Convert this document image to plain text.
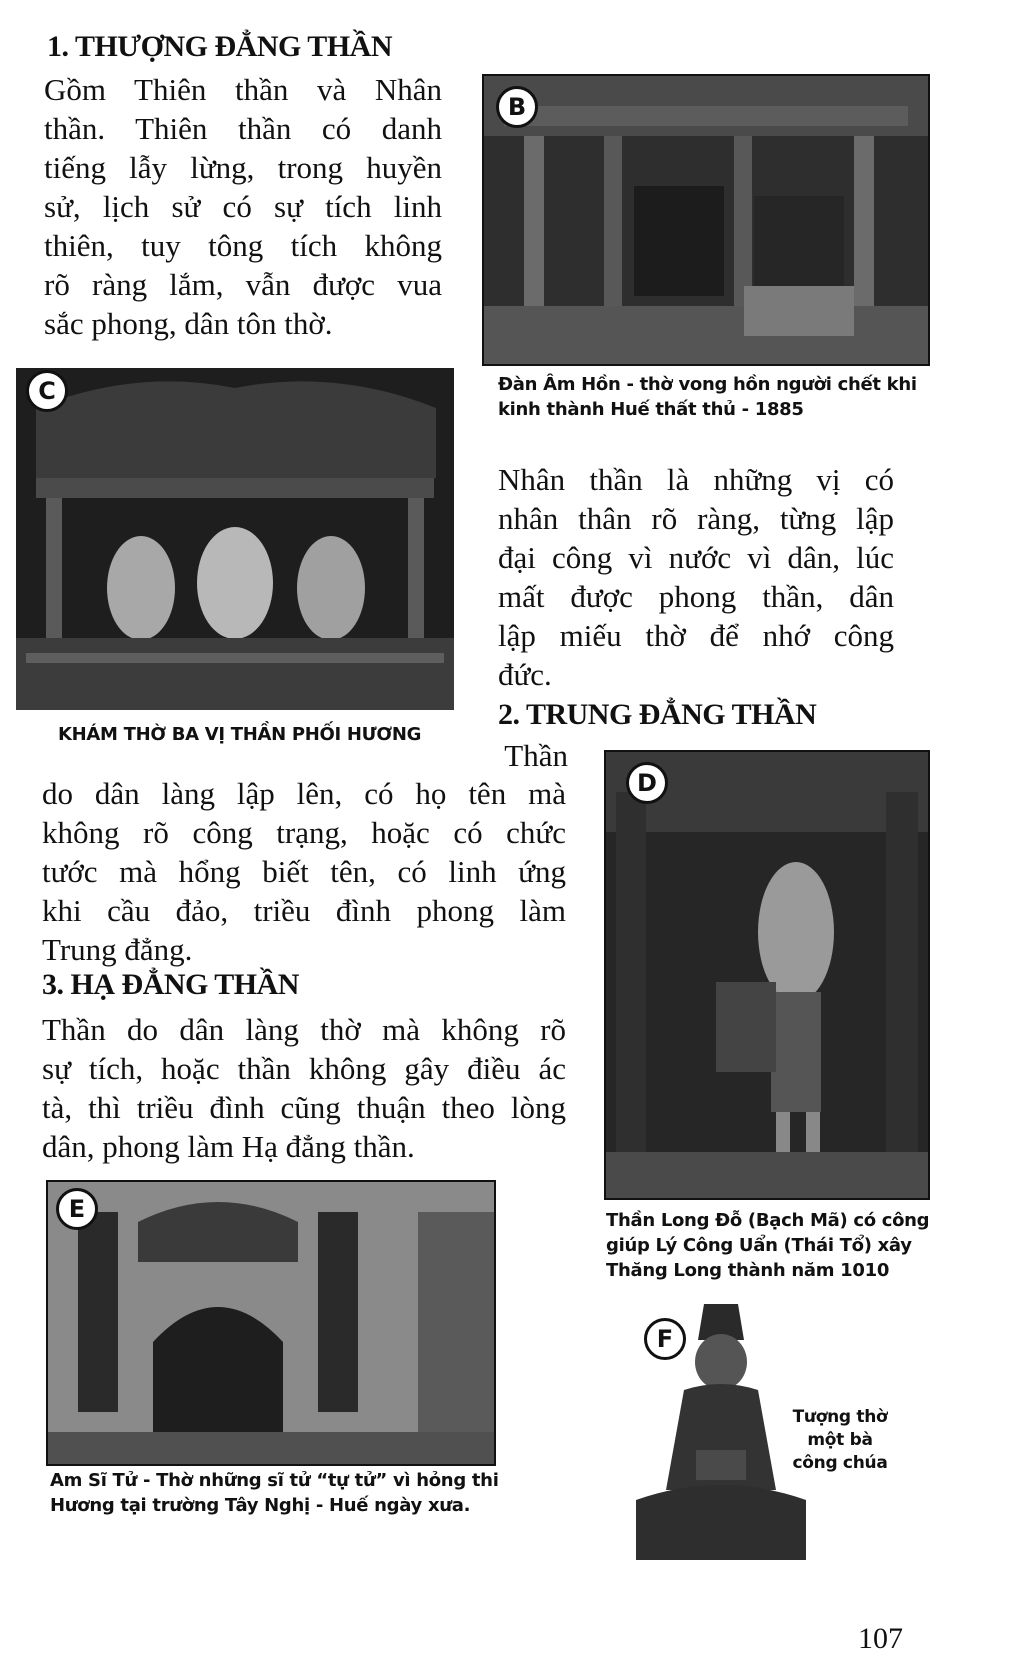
1. THƯỢNG ĐẲNG THẦN
Gồm Thiên thần và Nhân
thần. Thiên thần có danh
tiếng lẫy lừng, trong huyền
sử, lịch sử có sự tích linh
thiên, tuy tông tích không
rõ ràng lắm, vẫn được vua
sắc phong, dân tôn thờ.
B
Đàn Âm Hồn - thờ vong hồn người chết khi
kinh thành Huế thất thủ - 1885
C
KHÁM THỜ BA VỊ THẦN PHỐI HƯƠNG
Nhân thần là những vị có
nhân thân rõ ràng, từng lập
đại công vì nước vì dân, lúc
mất được phong thần, dân
lập miếu thờ để nhớ công
đức.
2. TRUNG ĐẲNG THẦN
Thần
do dân làng lập lên, có họ tên mà
không rõ công trạng, hoặc có chức
tước mà hổng biết tên, có linh ứng
khi cầu đảo, triều đình phong làm
Trung đẳng.
3. HẠ ĐẲNG THẦN
Thần do dân làng thờ mà không rõ
sự tích, hoặc thần không gây điều ác
tà, thì triều đình cũng thuận theo lòng
dân, phong làm Hạ đẳng thần.
D
Thần Long Đỗ (Bạch Mã) có công
giúp Lý Công Uẩn (Thái Tổ) xây
Thăng Long thành năm 1010
E
Am Sĩ Tử - Thờ những sĩ tử “tự tử” vì hỏng thi
Hương tại trường Tây Nghị - Huế ngày xưa.
F
Tượng thờ
một bà
công chúa
107
